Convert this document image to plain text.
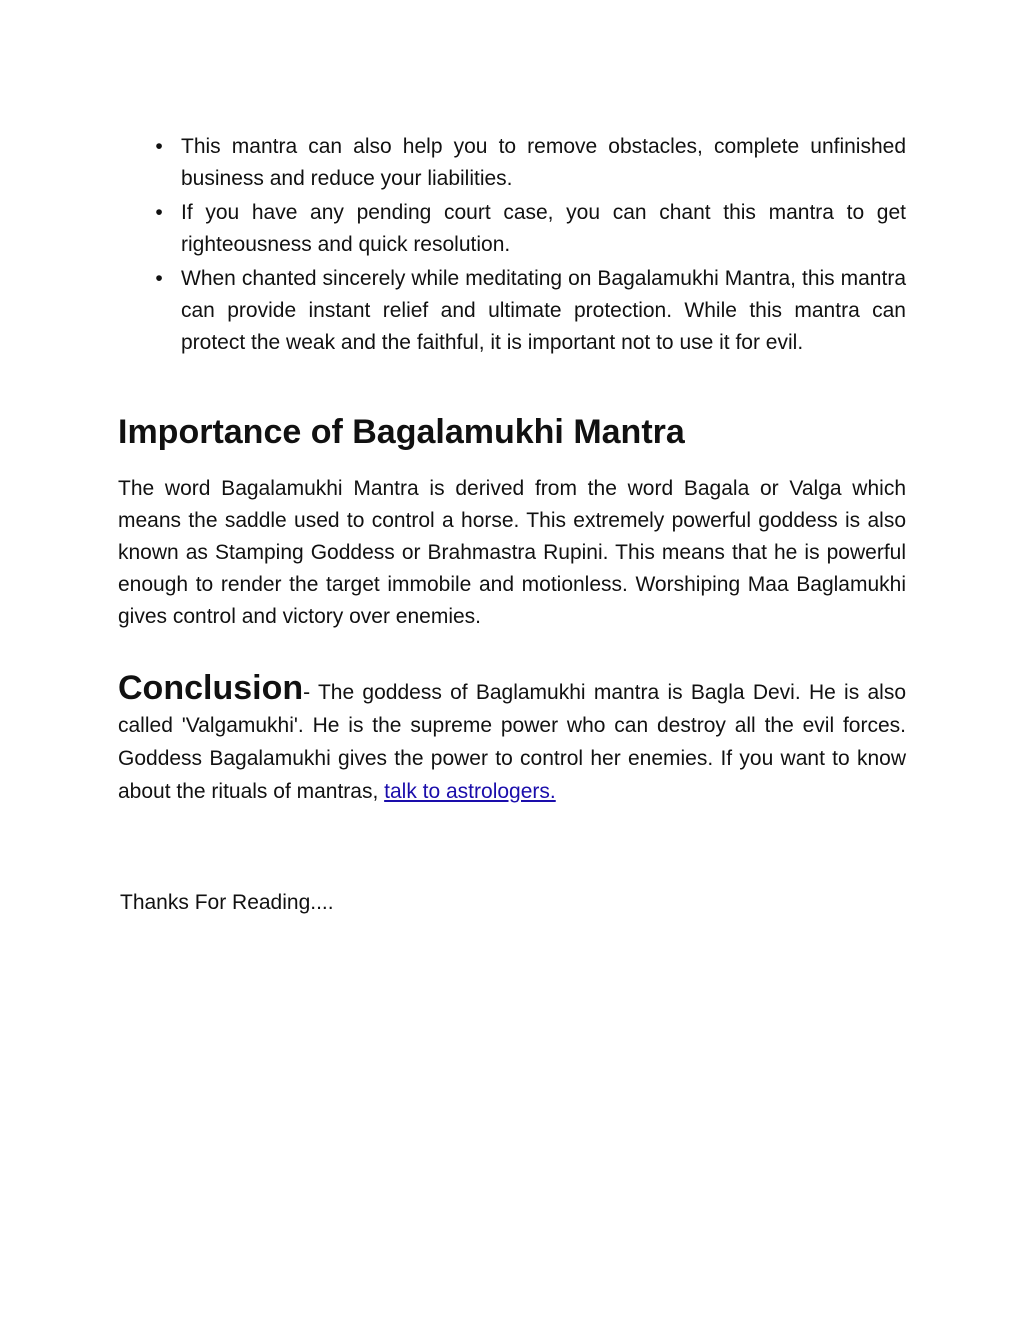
• This mantra can also help you to remove obstacles, complete unfinished business and reduce your liabilities.
• If you have any pending court case, you can chant this mantra to get righteousness and quick resolution.
• When chanted sincerely while meditating on Bagalamukhi Mantra, this mantra can provide instant relief and ultimate protection. While this mantra can protect the weak and the faithful, it is important not to use it for evil.
Importance of Bagalamukhi Mantra

The word Bagalamukhi Mantra is derived from the word Bagala or Valga which means the saddle used to control a horse. This extremely powerful goddess is also known as Stamping Goddess or Brahmastra Rupini. This means that he is powerful enough to render the target immobile and motionless. Worshiping Maa Baglamukhi gives control and victory over enemies.

Conclusion- The goddess of Baglamukhi mantra is Bagla Devi. He is also called 'Valgamukhi'. He is the supreme power who can destroy all the evil forces. Goddess Bagalamukhi gives the power to control her enemies. If you want to know about the rituals of mantras, talk to astrologers.

Thanks For Reading....
